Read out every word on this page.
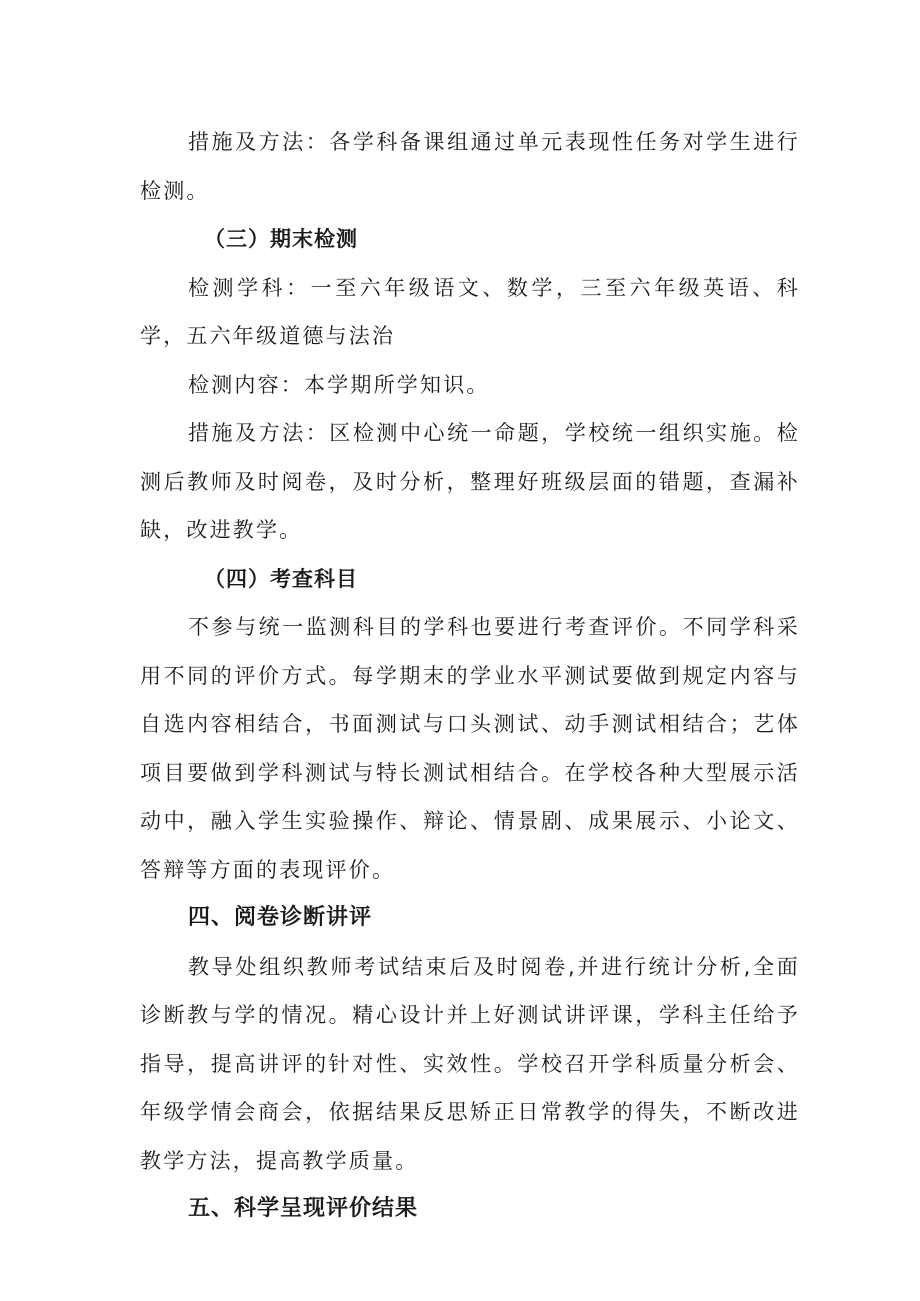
措施及方法：各学科备课组通过单元表现性任务对学生进行检测。

（三）期末检测

检测学科：一至六年级语文、数学，三至六年级英语、科学，五六年级道德与法治

检测内容：本学期所学知识。

措施及方法：区检测中心统一命题，学校统一组织实施。检测后教师及时阅卷，及时分析，整理好班级层面的错题，查漏补缺，改进教学。

（四）考查科目

不参与统一监测科目的学科也要进行考查评价。不同学科采用不同的评价方式。每学期末的学业水平测试要做到规定内容与自选内容相结合，书面测试与口头测试、动手测试相结合；艺体项目要做到学科测试与特长测试相结合。在学校各种大型展示活动中，融入学生实验操作、辩论、情景剧、成果展示、小论文、答辩等方面的表现评价。

四、阅卷诊断讲评

教导处组织教师考试结束后及时阅卷,并进行统计分析,全面诊断教与学的情况。精心设计并上好测试讲评课，学科主任给予指导，提高讲评的针对性、实效性。学校召开学科质量分析会、年级学情会商会，依据结果反思矫正日常教学的得失，不断改进教学方法，提高教学质量。

五、科学呈现评价结果
